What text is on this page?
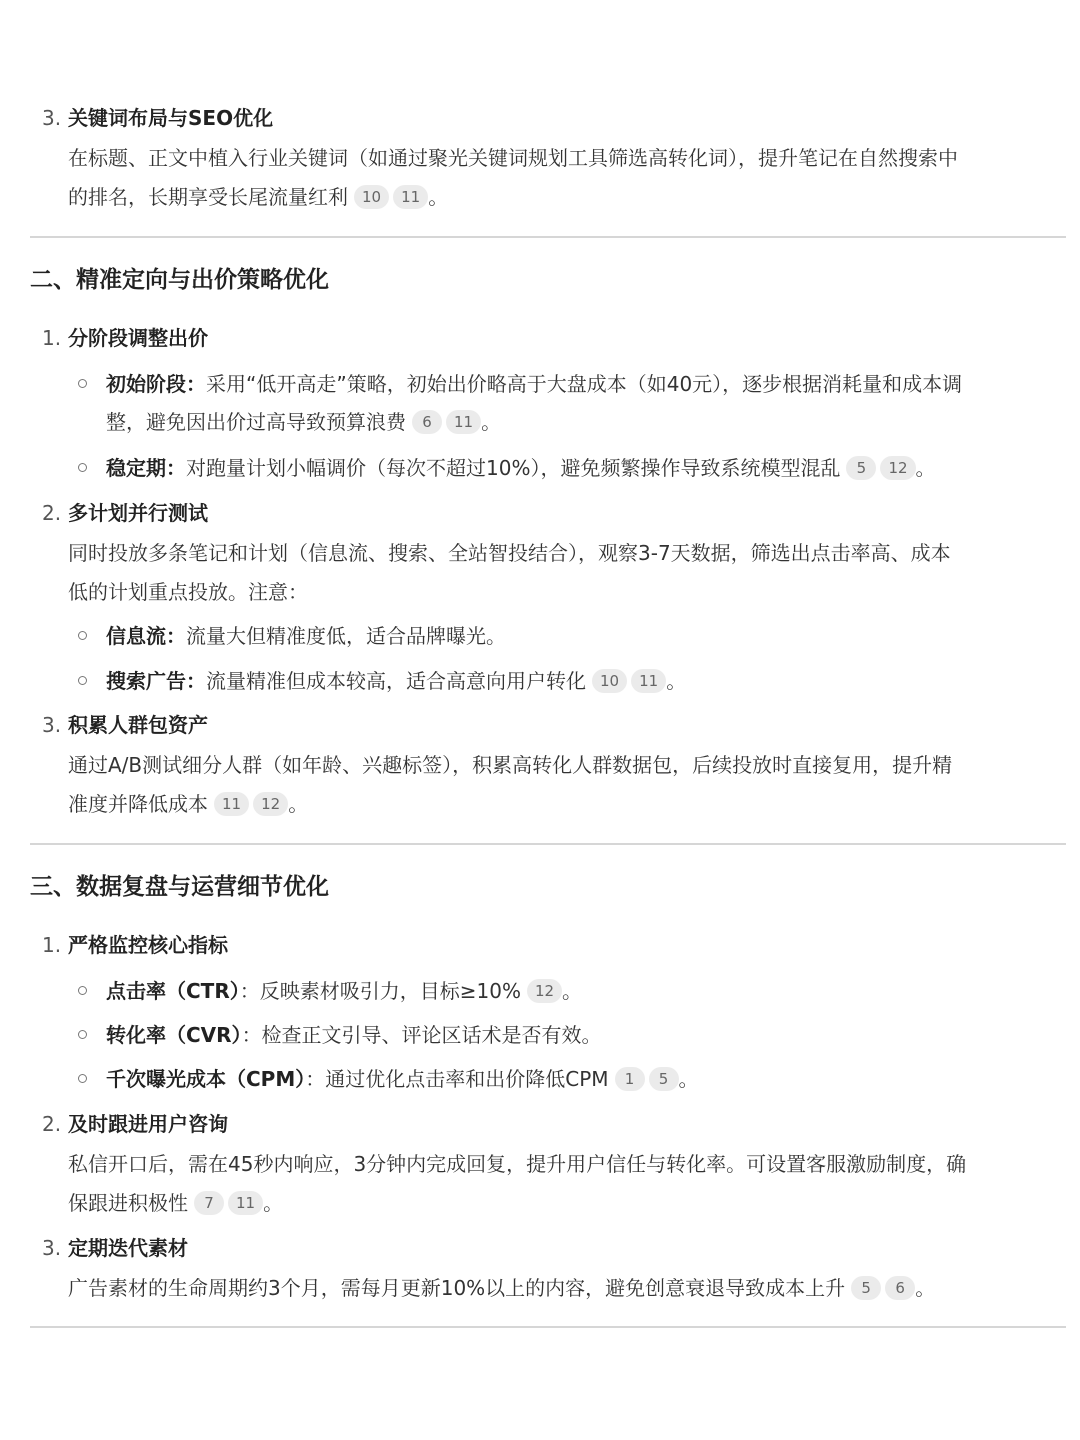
3. 关键词布局与SEO优化
在标题、正文中植入行业关键词（如通过聚光关键词规划工具筛选高转化词），提升笔记在自然搜索中
的排名，长期享受长尾流量红利 10 11 。
二、精准定向与出价策略优化
1. 分阶段调整出价
初始阶段：采用“低开高走”策略，初始出价略高于大盘成本（如40元），逐步根据消耗量和成本调
整，避免因出价过高导致预算浪费 6 11 。
稳定期：对跑量计划小幅调价（每次不超过10%），避免频繁操作导致系统模型混乱 5 12 。
2. 多计划并行测试
同时投放多条笔记和计划（信息流、搜索、全站智投结合），观察3-7天数据，筛选出点击率高、成本
低的计划重点投放。注意：
信息流：流量大但精准度低，适合品牌曝光。
搜索广告：流量精准但成本较高，适合高意向用户转化 10 11 。
3. 积累人群包资产
通过A/B测试细分人群（如年龄、兴趣标签），积累高转化人群数据包，后续投放时直接复用，提升精
准度并降低成本 11 12 。
三、数据复盘与运营细节优化
1. 严格监控核心指标
点击率（CTR）：反映素材吸引力，目标≥10% 12 。
转化率（CVR）：检查正文引导、评论区话术是否有效。
千次曝光成本（CPM）：通过优化点击率和出价降低CPM 1 5 。
2. 及时跟进用户咨询
私信开口后，需在45秒内响应，3分钟内完成回复，提升用户信任与转化率。可设置客服激励制度，确
保跟进积极性 7 11 。
3. 定期迭代素材
广告素材的生命周期约3个月，需每月更新10%以上的内容，避免创意衰退导致成本上升 5 6 。
